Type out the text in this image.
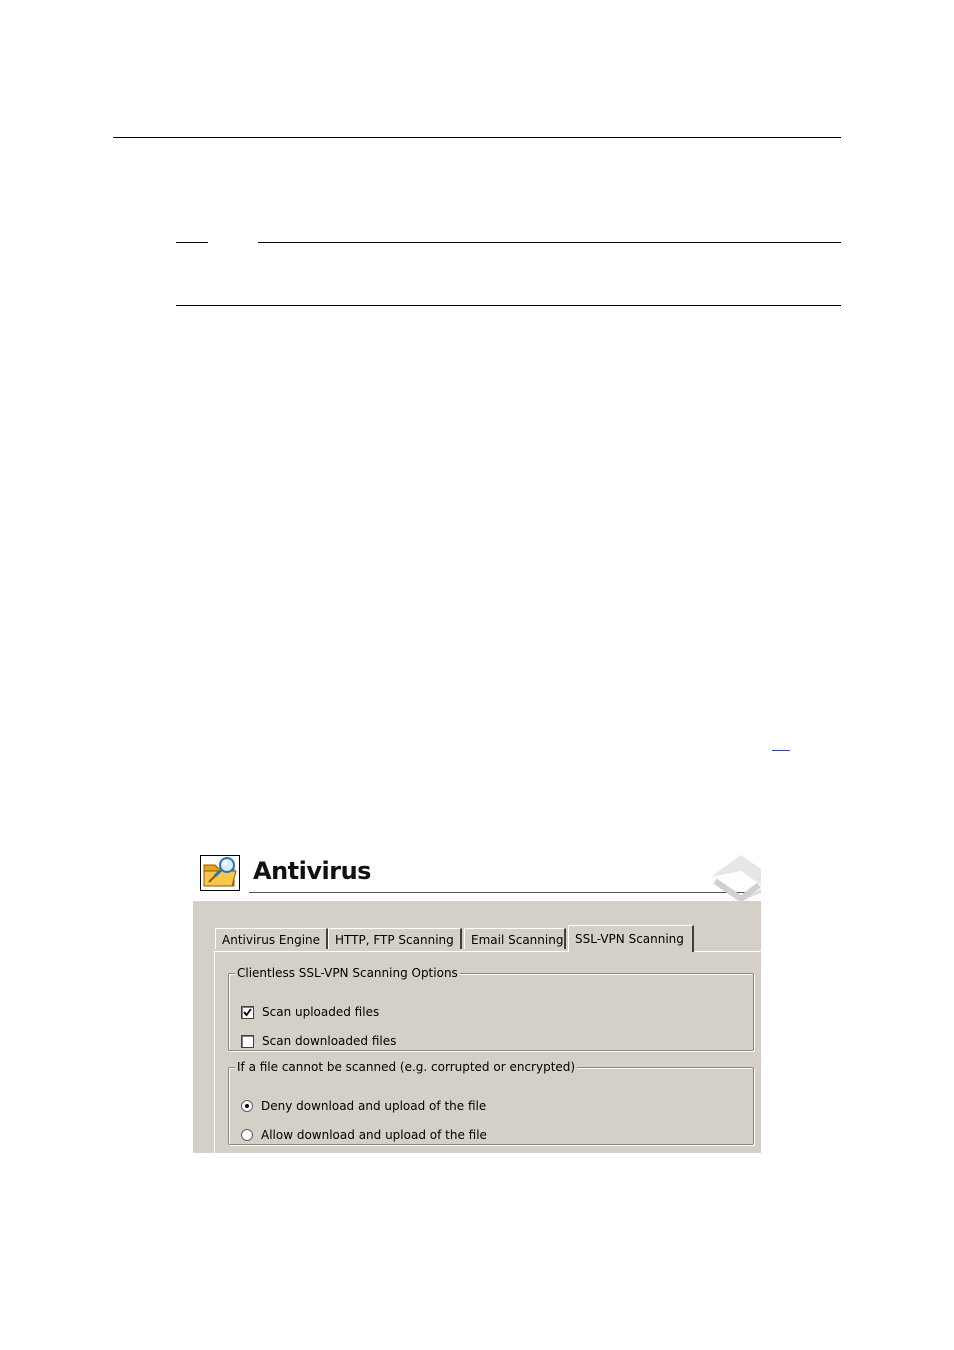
Antivirus
Antivirus Engine	HTTP, FTP Scanning	Email Scanning SSL-VPN Scanning
Clientless SSL-VPN Scanning Options
Scan uploaded files
Scan downloaded files
If a file cannot be scanned (e.g. corrupted or encrypted)
Deny download and upload of the file
Allow download and upload of the file
